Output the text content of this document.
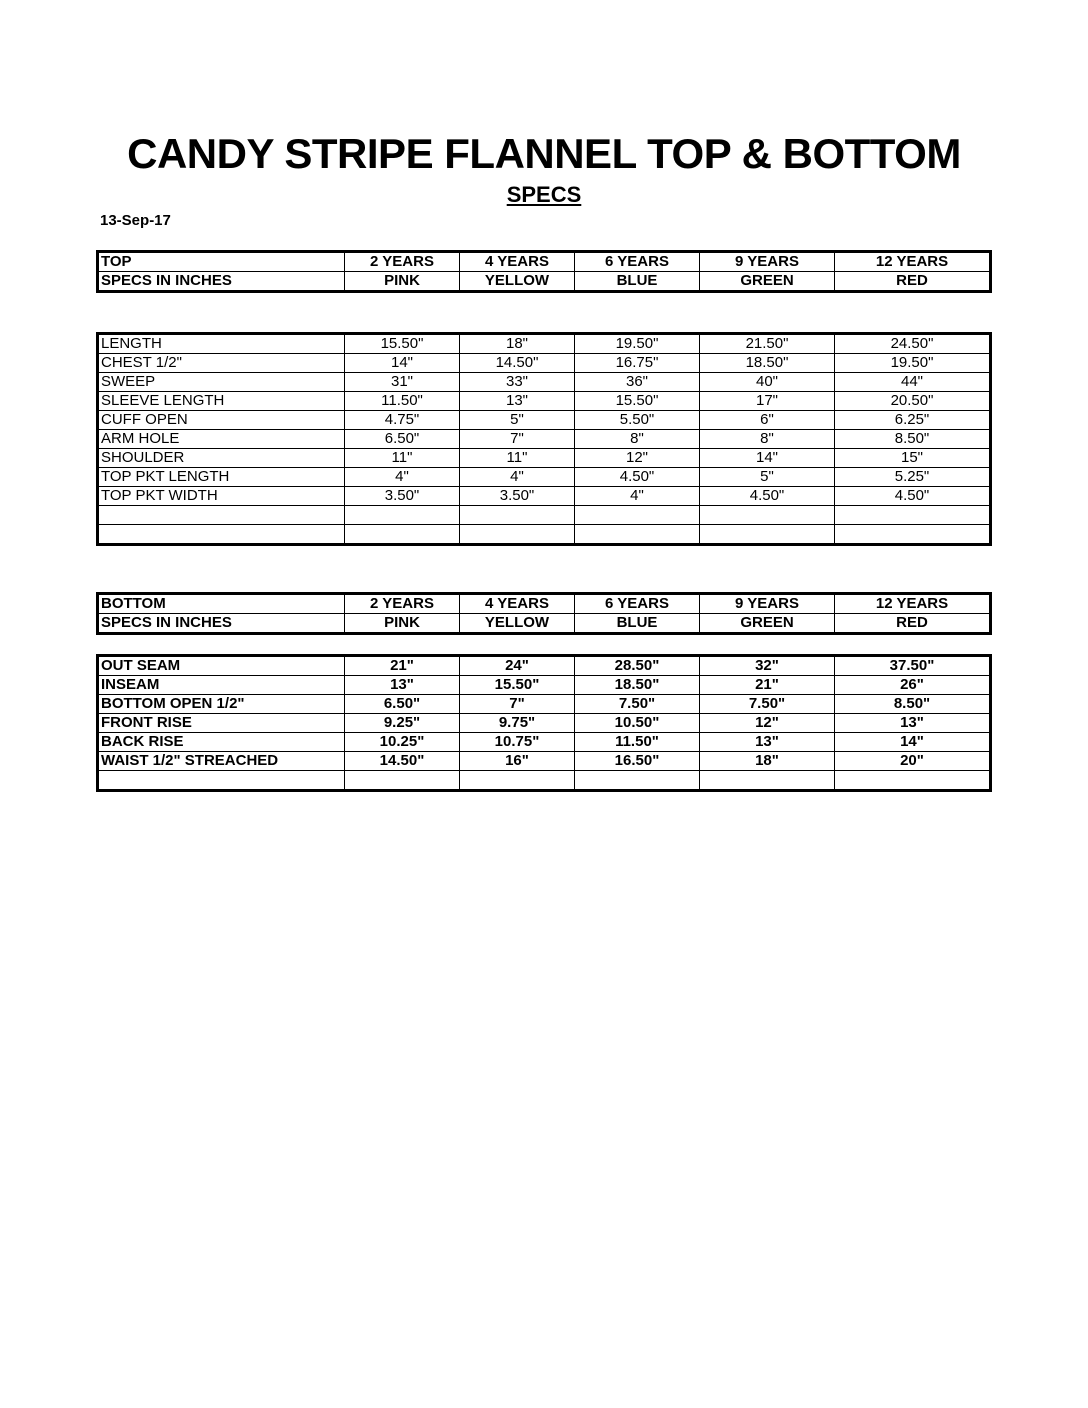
CANDY STRIPE FLANNEL TOP & BOTTOM
SPECS
13-Sep-17
TOP	2 YEARS	4 YEARS	6 YEARS	9 YEARS	12 YEARS
SPECS IN INCHES	PINK	YELLOW	BLUE	GREEN	RED
LENGTH	15.50"	18"	19.50"	21.50"	24.50"
CHEST 1/2"	14"	14.50"	16.75"	18.50"	19.50"
SWEEP	31"	33"	36"	40"	44"
SLEEVE LENGTH	11.50"	13"	15.50"	17"	20.50"
CUFF OPEN	4.75"	5"	5.50"	6"	6.25"
ARM HOLE	6.50"	7"	8"	8"	8.50"
SHOULDER	11"	11"	12"	14"	15"
TOP PKT LENGTH	4"	4"	4.50"	5"	5.25"
TOP PKT WIDTH	3.50"	3.50"	4"	4.50"	4.50"

BOTTOM	2 YEARS	4 YEARS	6 YEARS	9 YEARS	12 YEARS
SPECS IN INCHES	PINK	YELLOW	BLUE	GREEN	RED
OUT SEAM	21"	24"	28.50"	32"	37.50"
INSEAM	13"	15.50"	18.50"	21"	26"
BOTTOM OPEN 1/2"	6.50"	7"	7.50"	7.50"	8.50"
FRONT RISE	9.25"	9.75"	10.50"	12"	13"
BACK RISE	10.25"	10.75"	11.50"	13"	14"
WAIST 1/2" STREACHED	14.50"	16"	16.50"	18"	20"
